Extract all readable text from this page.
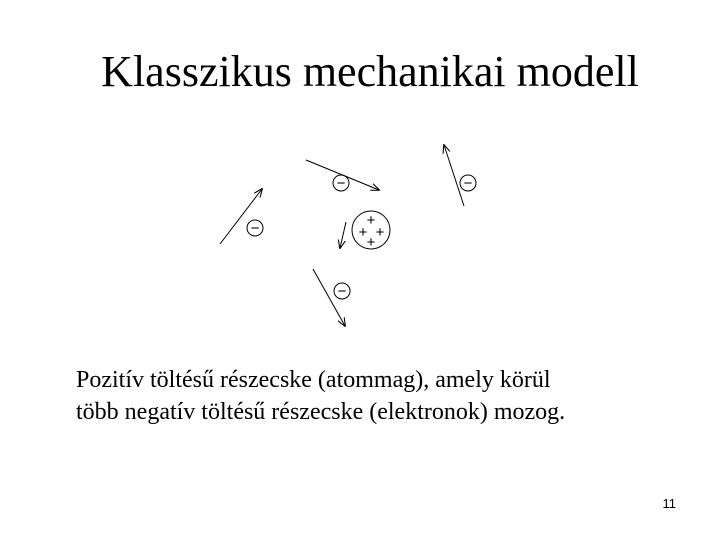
Klasszikus mechanikai modell
+
+ +
+
−	−
−
−
Pozitív töltésű részecske (atommag), amely körül
több negatív töltésű részecske (elektronok) mozog.
11
